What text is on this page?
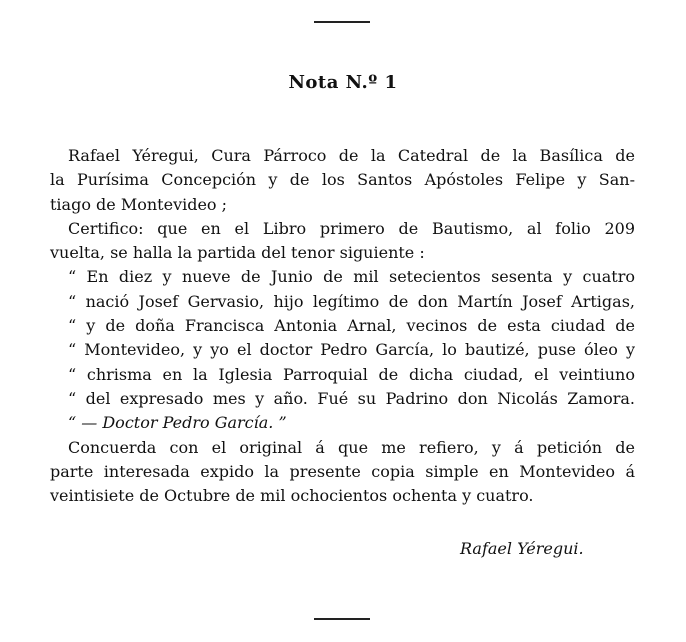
Nota N.º 1
Rafael Yéregui, Cura Párroco de la Catedral de la Basílica de
la Purísima Concepción y de los Santos Apóstoles Felipe y San-
tiago de Montevideo ;
Certifico: que en el Libro primero de Bautismo, al folio 209
vuelta, se halla la partida del tenor siguiente :
“ En diez y nueve de Junio de mil setecientos sesenta y cuatro
“ nació Josef Gervasio, hijo legítimo de don Martín Josef Artigas,
“ y de doña Francisca Antonia Arnal, vecinos de esta ciudad de
“ Montevideo, y yo el doctor Pedro García, lo bautizé, puse óleo y
“ chrisma en la Iglesia Parroquial de dicha ciudad, el veintiuno
“ del expresado mes y año. Fué su Padrino don Nicolás Zamora.
“ — Doctor Pedro García. ”
Concuerda con el original á que me refiero, y á petición de
parte interesada expido la presente copia simple en Montevideo á
veintisiete de Octubre de mil ochocientos ochenta y cuatro.
Rafael Yéregui.
